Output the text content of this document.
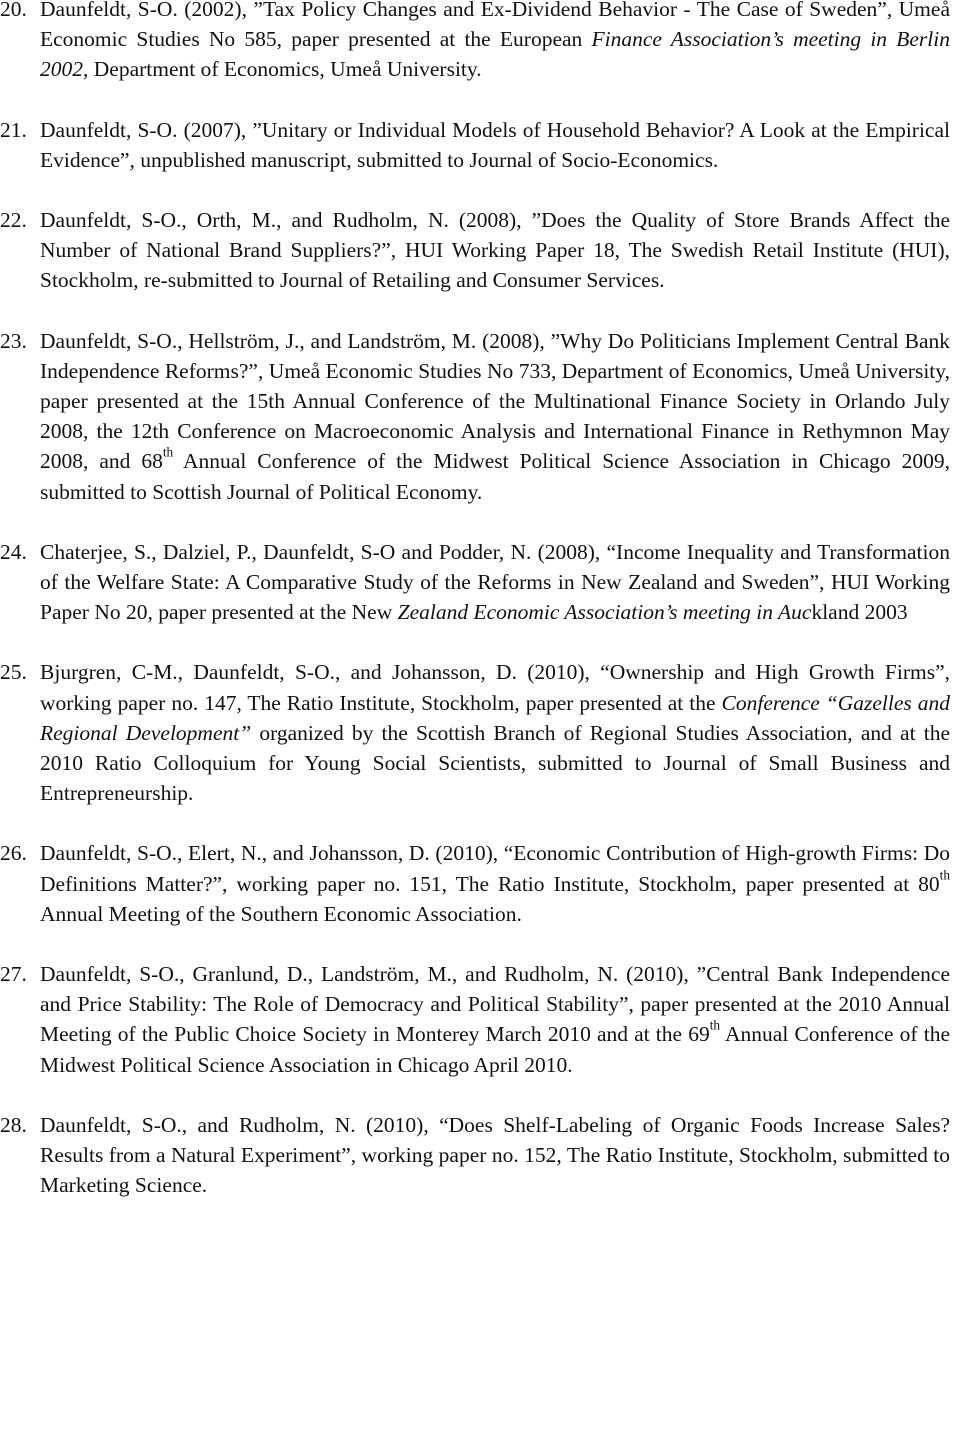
20. Daunfeldt, S-O. (2002), ”Tax Policy Changes and Ex-Dividend Behavior - The Case of Sweden”, Umeå Economic Studies No 585, paper presented at the European Finance Association’s meeting in Berlin 2002, Department of Economics, Umeå University.
21. Daunfeldt, S-O. (2007), ”Unitary or Individual Models of Household Behavior? A Look at the Empirical Evidence”, unpublished manuscript, submitted to Journal of Socio-Economics.
22. Daunfeldt, S-O., Orth, M., and Rudholm, N. (2008), ”Does the Quality of Store Brands Affect the Number of National Brand Suppliers?”, HUI Working Paper 18, The Swedish Retail Institute (HUI), Stockholm, re-submitted to Journal of Retailing and Consumer Services.
23. Daunfeldt, S-O., Hellström, J., and Landström, M. (2008), ”Why Do Politicians Implement Central Bank Independence Reforms?”, Umeå Economic Studies No 733, Department of Economics, Umeå University, paper presented at the 15th Annual Conference of the Multinational Finance Society in Orlando July 2008, the 12th Conference on Macroeconomic Analysis and International Finance in Rethymnon May 2008, and 68th Annual Conference of the Midwest Political Science Association in Chicago 2009, submitted to Scottish Journal of Political Economy.
24. Chaterjee, S., Dalziel, P., Daunfeldt, S-O and Podder, N. (2008), “Income Inequality and Transformation of the Welfare State: A Comparative Study of the Reforms in New Zealand and Sweden”, HUI Working Paper No 20, paper presented at the New Zealand Economic Association’s meeting in Auckland 2003
25. Bjurgren, C-M., Daunfeldt, S-O., and Johansson, D. (2010), “Ownership and High Growth Firms”, working paper no. 147, The Ratio Institute, Stockholm, paper presented at the Conference “Gazelles and Regional Development” organized by the Scottish Branch of Regional Studies Association, and at the 2010 Ratio Colloquium for Young Social Scientists, submitted to Journal of Small Business and Entrepreneurship.
26. Daunfeldt, S-O., Elert, N., and Johansson, D. (2010), “Economic Contribution of High-growth Firms: Do Definitions Matter?”, working paper no. 151, The Ratio Institute, Stockholm, paper presented at 80th Annual Meeting of the Southern Economic Association.
27. Daunfeldt, S-O., Granlund, D., Landström, M., and Rudholm, N. (2010), ”Central Bank Independence and Price Stability: The Role of Democracy and Political Stability”, paper presented at the 2010 Annual Meeting of the Public Choice Society in Monterey March 2010 and at the 69th Annual Conference of the Midwest Political Science Association in Chicago April 2010.
28. Daunfeldt, S-O., and Rudholm, N. (2010), “Does Shelf-Labeling of Organic Foods Increase Sales? Results from a Natural Experiment”, working paper no. 152, The Ratio Institute, Stockholm, submitted to Marketing Science.
